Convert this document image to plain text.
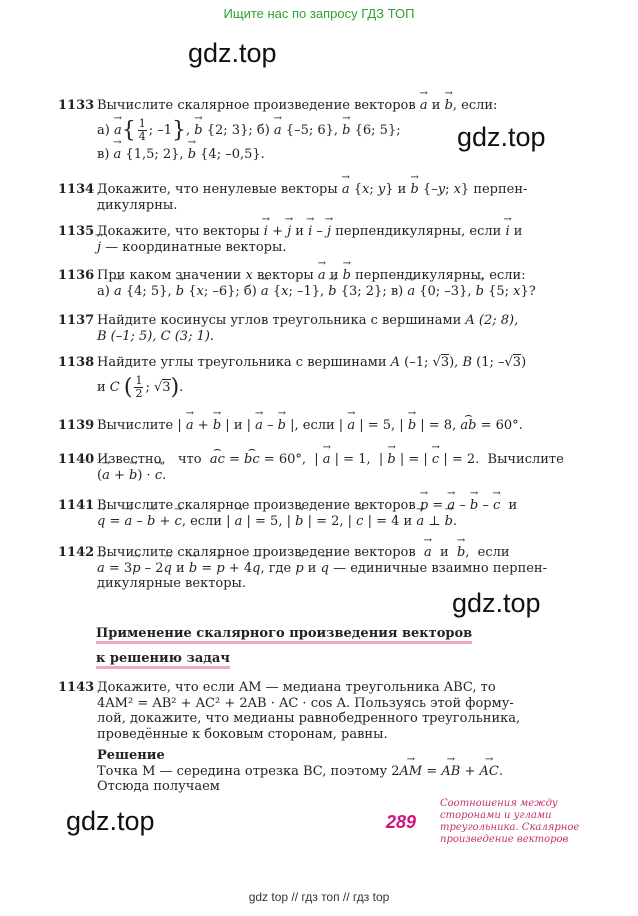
Ищите нас по запросу ГДЗ ТОП
gdz.top
gdz.top
gdz.top
gdz.top
1133 Вычислите скалярное произведение векторов → a и → b, если:
$а) \to a\{ \frac{1}{4}$ ; –1}, → b {2; 3}; б) → a {–5; 6}, → b {6; 5};
в) → a {1,5; 2}, → b {4; –0,5}.
1134 Докажите, что ненулевые векторы → a {x; y} и → b {–y; x} перпен-
дикулярны.
1135 Докажите, что векторы → i + → j и → i – → j перпендикулярны, если → i и
→ j — координатные векторы.
1136 При каком значении x векторы → a и → b перпендикулярны, если:
а) → a {4; 5}, → b {x; –6}; б) → a {x; –1}, → b {3; 2}; в) → a {0; –3}, → b {5; x}?
1137 Найдите косинусы углов треугольника с вершинами A (2; 8),
B (–1; 5), C (3; 1).
1138 Найдите углы треугольника с вершинами A (–1; √3), B (1; –√3)
и C ( $\frac{1}{2}$ ; √3).
1139 Вычислите | → a + → b | и | → a – → b |, если | → a | = 5, | → b | = 8, ⌢ ab = 60°.
1140 Известно, что ⌢ ac = ⌢ bc = 60°,  | → a | = 1,  | → b | = | → c | = 2.  Вычислите
(→ a + → b) · → c.
1141 Вычислите скалярное произведение векторов → p = → a – → b – → c  и
→ q = → a – → b + → c, если | → a | = 5, | → b | = 2, | → c | = 4 и → a ⊥ → b.
1142 Вычислите скалярное произведение векторов → a  и  → b,  если
→ a = 3→ p – 2→ q и → b = → p + 4→ q, где → p и → q — единичные взаимно перпен-
дикулярные векторы.
Применение скалярного произведения векторов
к решению задач
1143 Докажите, что если AM — медиана треугольника ABC, то
4AM² = AB² + AC² + 2AB · AC · cos A. Пользуясь этой форму-
лой, докажите, что медианы равнобедренного треугольника,
проведённые к боковым сторонам, равны.
Решение
Точка M — середина отрезка BC, поэтому 2→ AM = → AB + → AC.
Отсюда получаем
289
Соотношения между сторонами и углами треугольника. Скалярное произведение векторов
gdz top // гдз топ // гдз top
